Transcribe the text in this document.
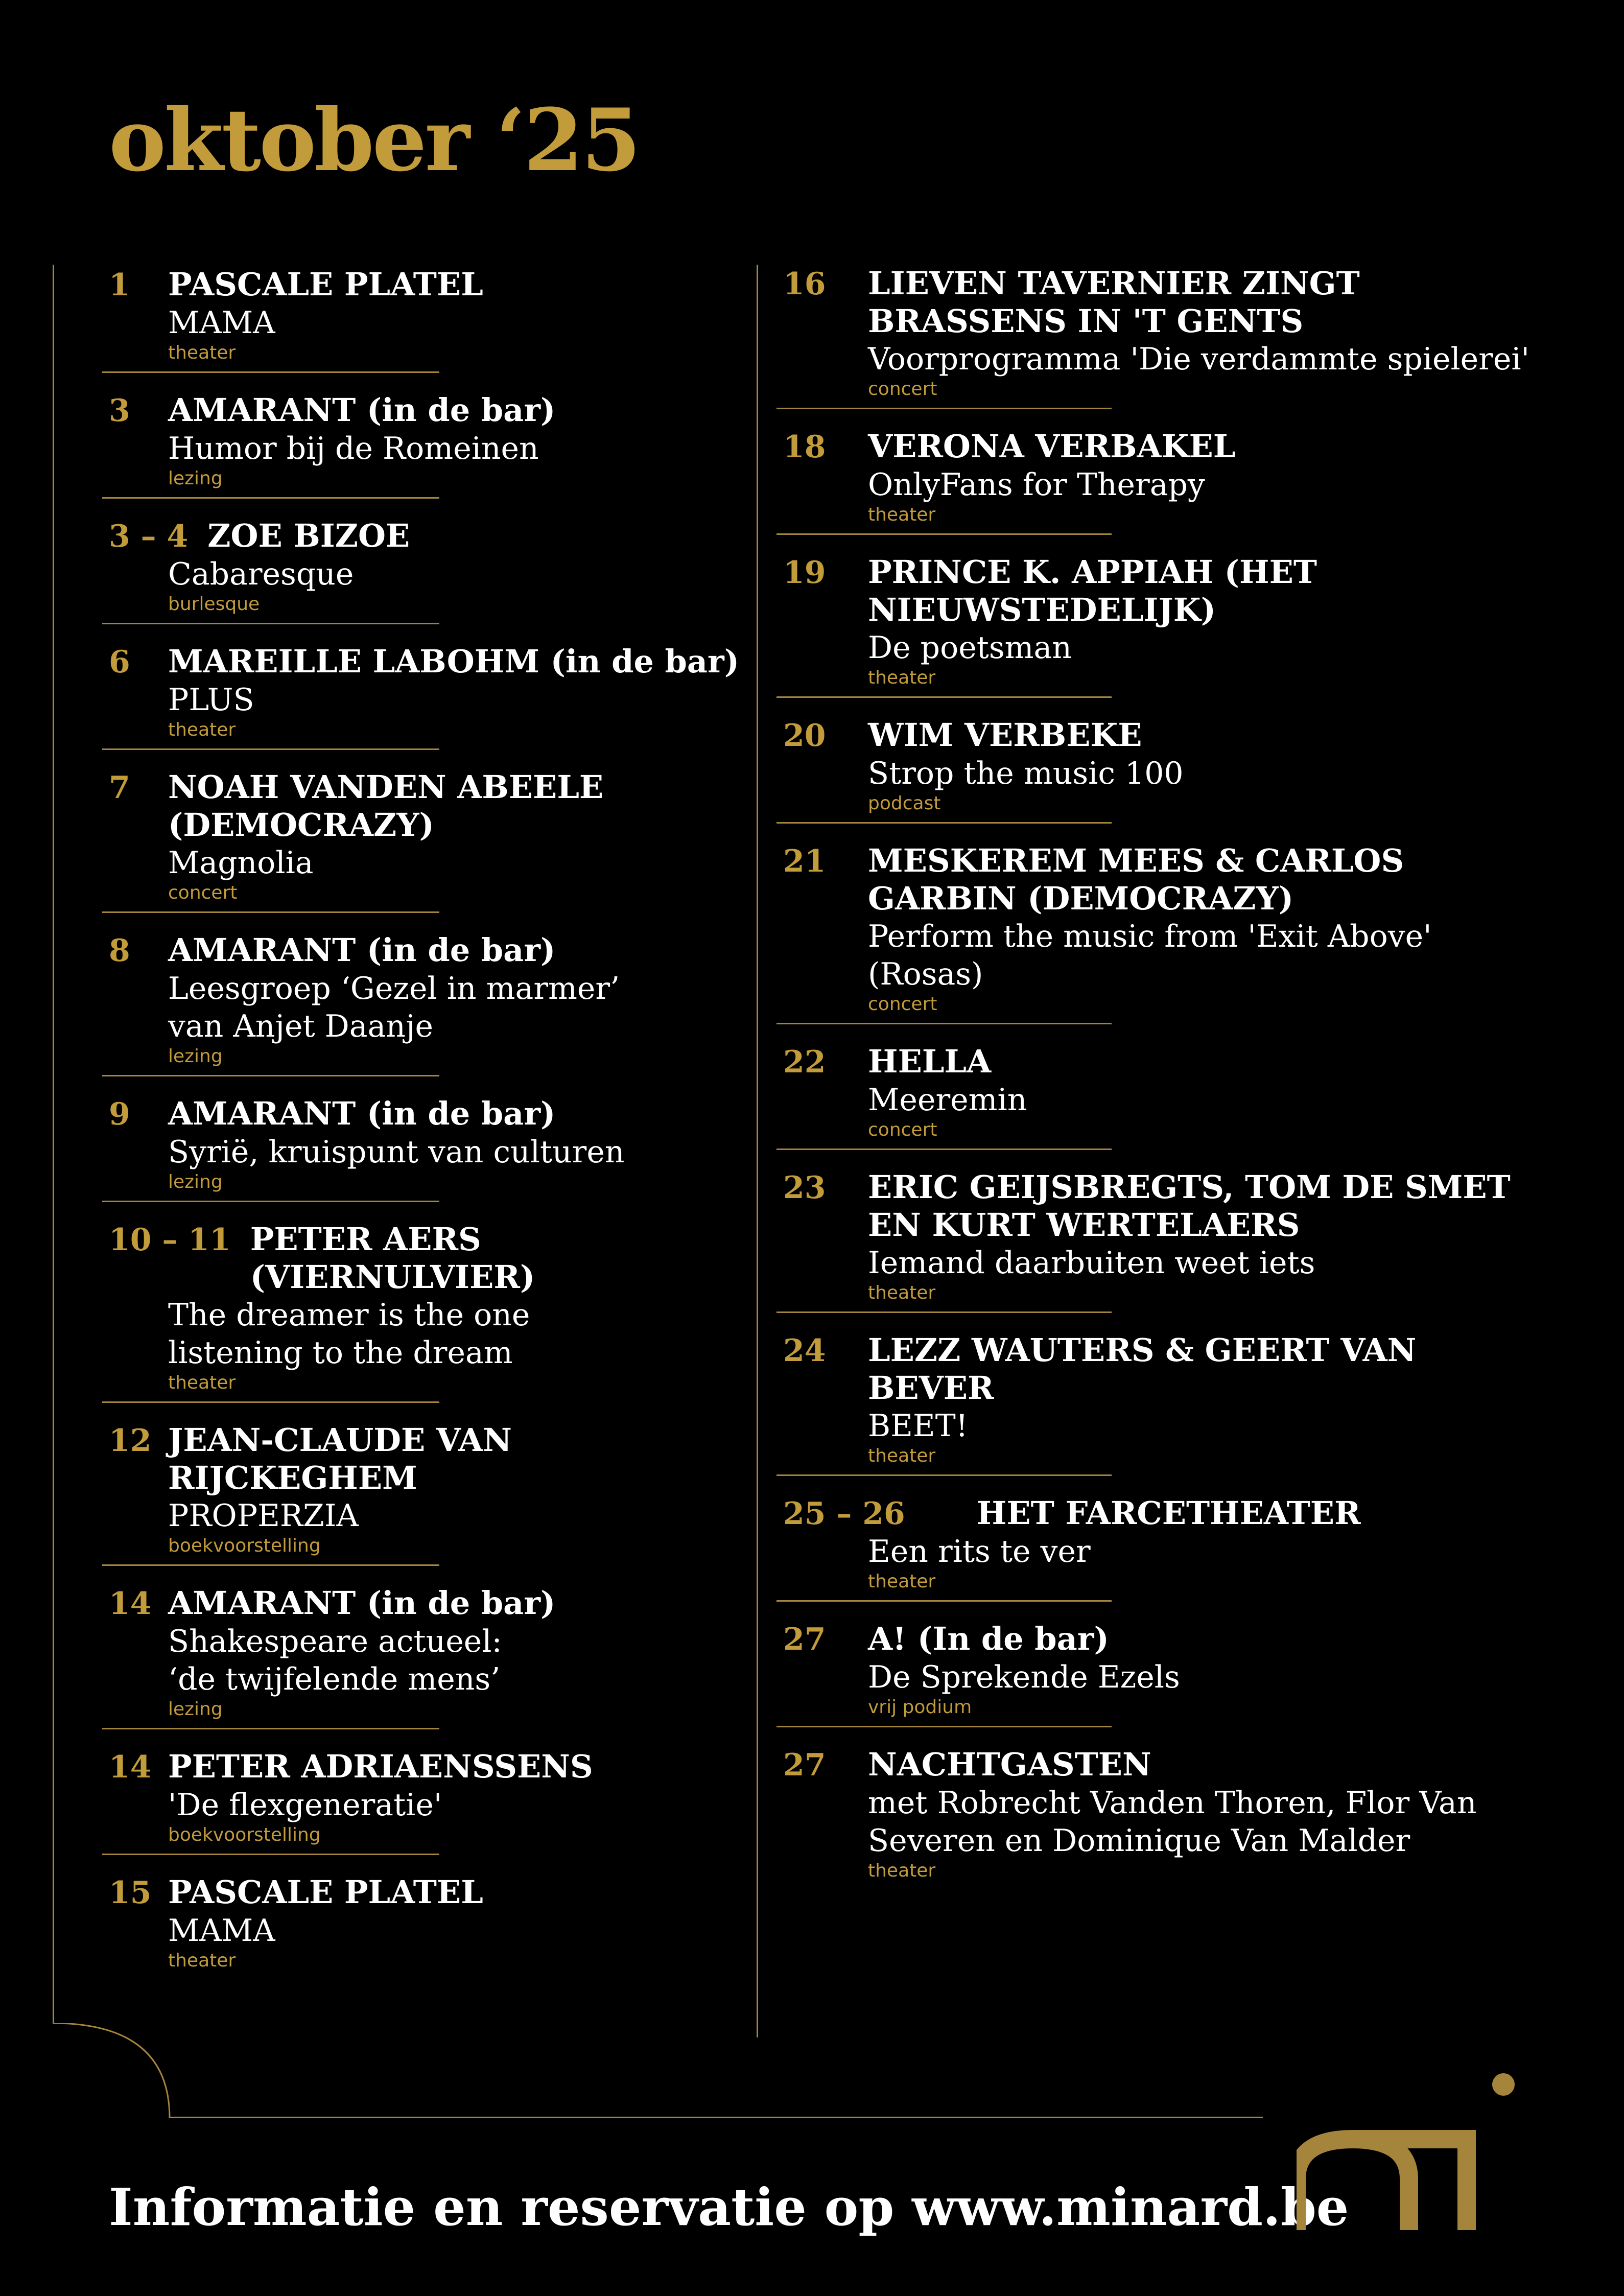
oktober ‘25
1	PASCALE PLATEL
MAMA
theater
3	AMARANT (in de bar)
Humor bij de Romeinen
lezing
3 – 4 ZOE BIZOE
Cabaresque
burlesque
6	MAREILLE LABOHM (in de bar)
PLUS
theater
7	NOAH VANDEN ABEELE (DEMOCRAZY)
Magnolia
concert
8	AMARANT (in de bar)
Leesgroep ‘Gezel in marmer’
van Anjet Daanje
lezing
9	AMARANT (in de bar)
Syrië, kruispunt van culturen
lezing
10 – 11 PETER AERS (VIERNULVIER)
The dreamer is the one
listening to the dream
theater
12 JEAN-CLAUDE VAN RIJCKEGHEM
PROPERZIA
boekvoorstelling
14 AMARANT (in de bar)
Shakespeare actueel:
‘de twijfelende mens’
lezing
14 PETER ADRIAENSSENS
'De flexgeneratie'
boekvoorstelling
15 PASCALE PLATEL
MAMA
theater
16	LIEVEN TAVERNIER ZINGT BRASSENS IN 'T GENTS
Voorprogramma 'Die verdammte spielerei'
concert
18	VERONA VERBAKEL
OnlyFans for Therapy
theater
19	PRINCE K. APPIAH (HET NIEUWSTEDELIJK)
De poetsman
theater
20	WIM VERBEKE
Strop the music 100
podcast
21	MESKEREM MEES & CARLOS GARBIN (DEMOCRAZY)
Perform the music from 'Exit Above'
(Rosas)
concert
22	HELLA
Meeremin
concert
23	ERIC GEIJSBREGTS, TOM DE SMET EN KURT WERTELAERS
Iemand daarbuiten weet iets
theater
24	LEZZ WAUTERS & GEERT VAN BEVER
BEET!
theater
25 – 26 HET FARCETHEATER
Een rits te ver
theater
27	A! (In de bar)
De Sprekende Ezels
vrij podium
27	NACHTGASTEN
met Robrecht Vanden Thoren, Flor Van
Severen en Dominique Van Malder
theater
Informatie en reservatie op www.minard.be
